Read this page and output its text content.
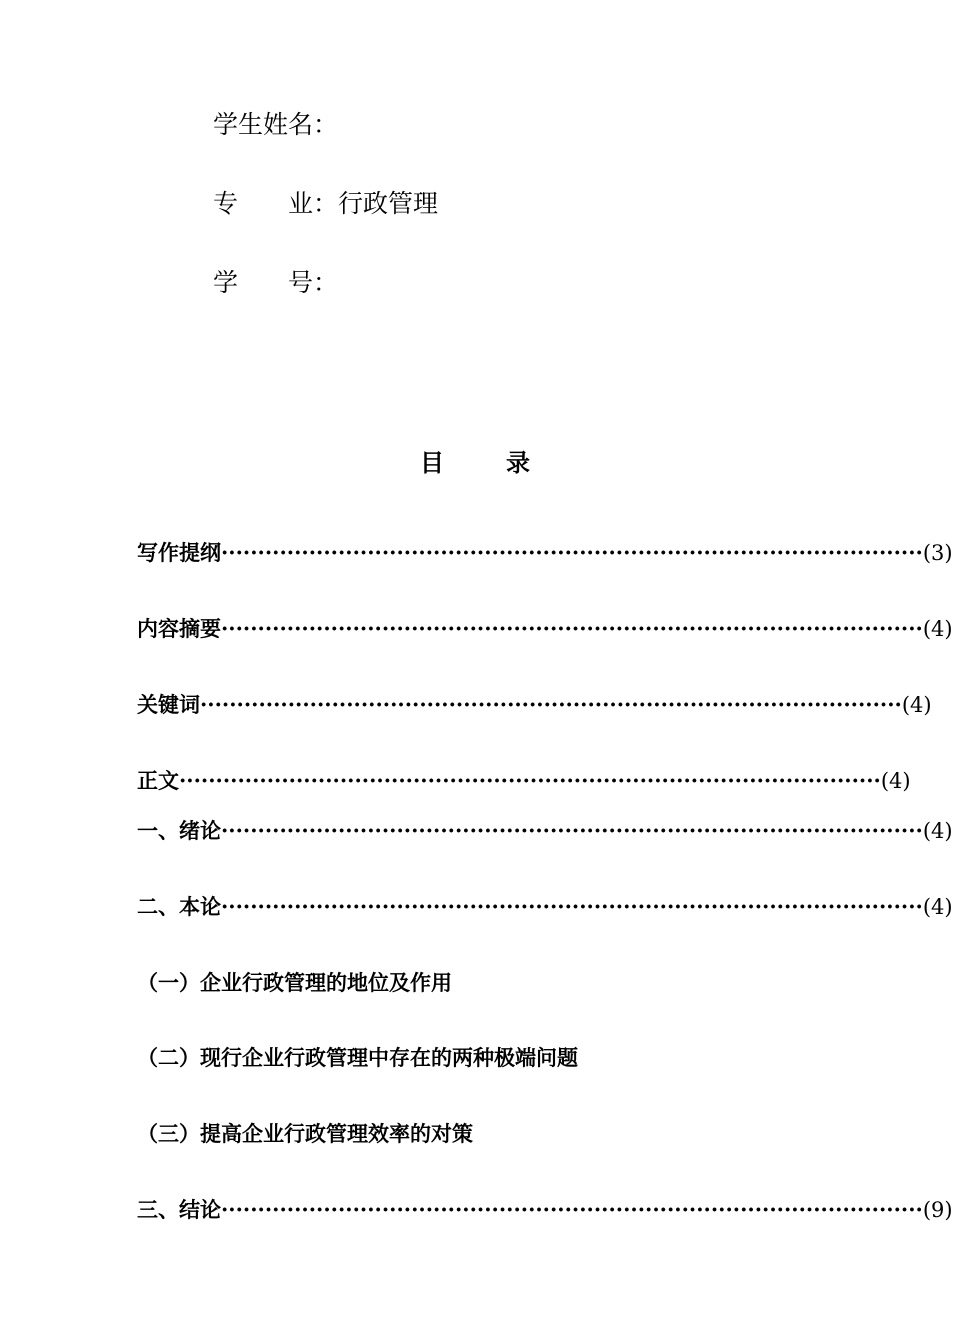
学生姓名：
专　　业：行政管理
学　　号：
目	录
写作提纲 ································································································ (3)
内容摘要 ································································································ (4)
关键词 ································································································ (4)
正文 ································································································ (4)
一、绪论 ································································································ (4)
二、本论 ································································································ (4)
（一）企业行政管理的地位及作用
（二）现行企业行政管理中存在的两种极端问题
（三）提高企业行政管理效率的对策
三、结论 ································································································ (9)
